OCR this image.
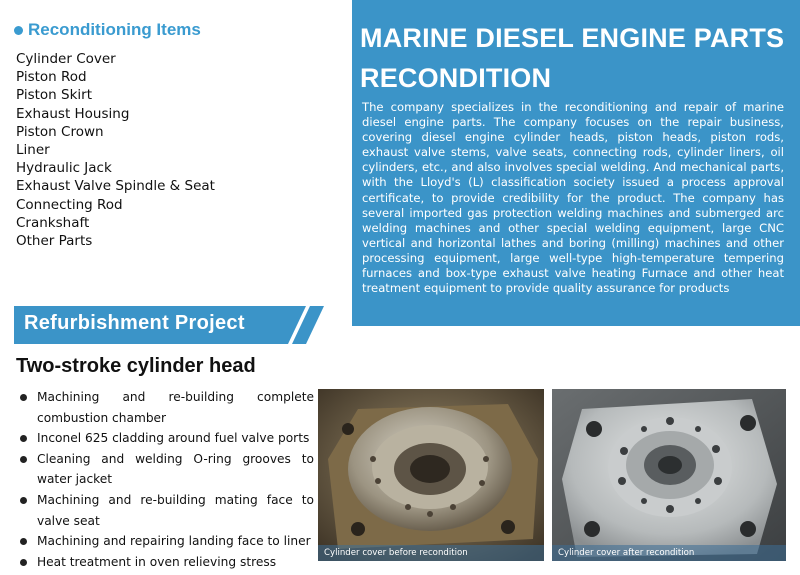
Reconditioning Items
Cylinder Cover
Piston Rod
Piston Skirt
Exhaust Housing
Piston Crown
Liner
Hydraulic Jack
Exhaust Valve Spindle & Seat
Connecting Rod
Crankshaft
Other Parts
MARINE DIESEL ENGINE PARTS
RECONDITION
The company specializes in the reconditioning and repair of marine diesel engine parts. The company focuses on the repair business, covering diesel engine cylinder heads, piston heads, piston rods, exhaust valve stems, valve seats, connecting rods, cylinder liners, oil cylinders, etc., and also involves special welding. And mechanical parts, with the Lloyd's (L) classification society issued a process approval certificate, to provide credibility for the product. The company has several imported gas protection welding machines and submerged arc welding machines and other special welding equipment, large CNC vertical and horizontal lathes and boring (milling) machines and other processing equipment, large well-type high-temperature tempering furnaces and box-type exhaust valve heating Furnace and other heat treatment equipment to provide quality assurance for products
Refurbishment Project
Two-stroke cylinder head
Machining and re-building complete combustion chamber
Inconel 625 cladding around fuel valve ports
Cleaning and welding O-ring grooves to water jacket
Machining and re-building mating face to valve seat
Machining and repairing landing face to liner
Heat treatment in oven relieving stress
Cylinder cover before recondition	Cylinder cover after recondition
